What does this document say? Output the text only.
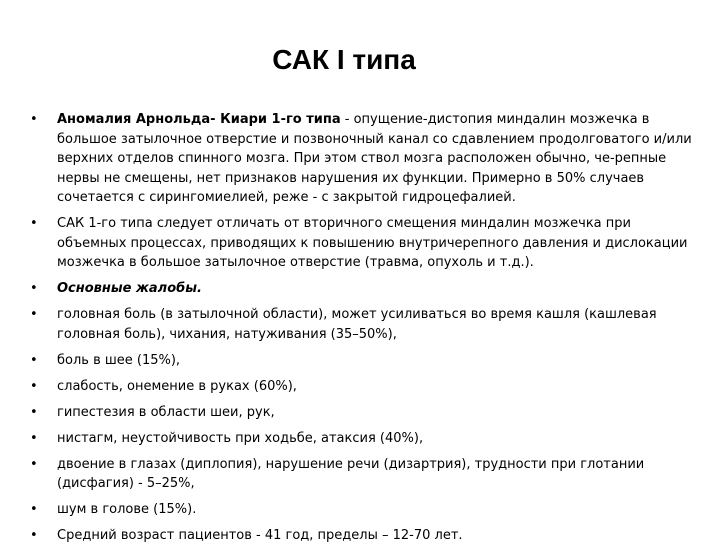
САК I типа
• Аномалия Арнольда- Киари 1-го типа - опущение-дистопия миндалин мозжечка в большое затылочное отверстие и позвоночный канал со сдавлением продолговатого и/или верхних отделов спинного мозга. При этом ствол мозга расположен обычно, че-репные нервы не смещены, нет признаков нарушения их функции. Примерно в 50% случаев сочетается с сирингомиелией, реже - с закрытой гидроцефалией.
• САК 1-го типа следует отличать от вторичного смещения миндалин мозжечка при объемных процессах, приводящих к повышению внутричерепного давления и дислокации мозжечка в большое затылочное отверстие (травма, опухоль и т.д.).
• Основные жалобы.
• головная боль (в затылочной области), может усиливаться во время кашля (кашлевая головная боль), чихания, натуживания (35–50%),
• боль в шее (15%),
• слабость, онемение в руках (60%),
• гипестезия в области шеи, рук,
• нистагм, неустойчивость при ходьбе, атаксия (40%),
• двоение в глазах (диплопия), нарушение речи (дизартрия), трудности при глотании (дисфагия) - 5–25%,
• шум в голове (15%).
• Средний возраст пациентов - 41 год, пределы – 12-70 лет.
